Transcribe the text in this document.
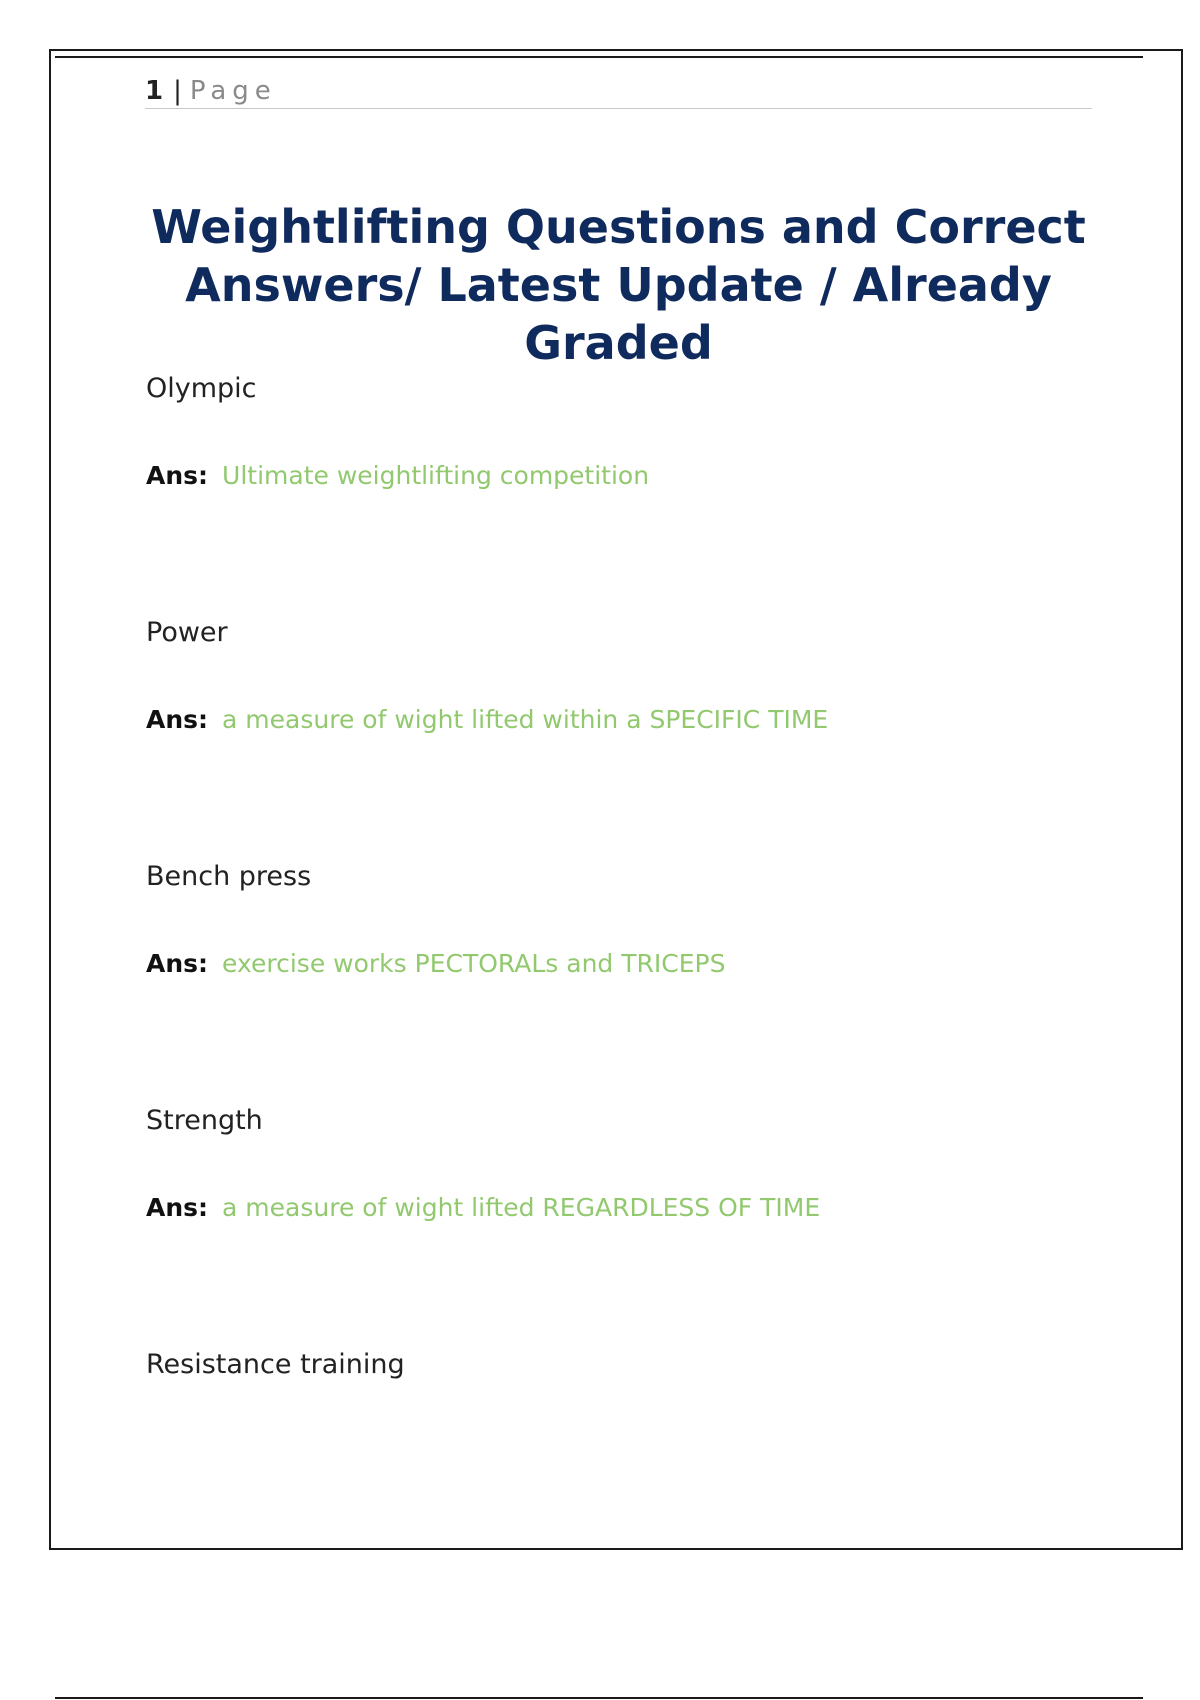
1 | Page
Weightlifting Questions and Correct Answers/ Latest Update / Already Graded

Olympic

Ans: Ultimate weightlifting competition

Power

Ans: a measure of wight lifted within a SPECIFIC TIME

Bench press

Ans: exercise works PECTORALs and TRICEPS

Strength

Ans: a measure of wight lifted REGARDLESS OF TIME

Resistance training
